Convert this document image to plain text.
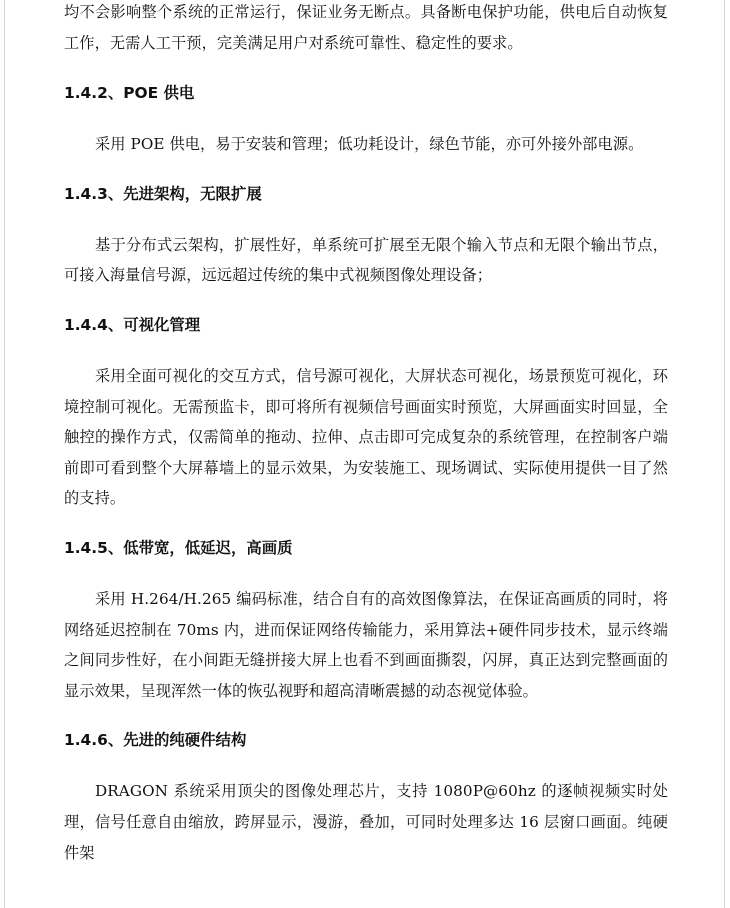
均不会影响整个系统的正常运行，保证业务无断点。具备断电保护功能，供电后自动恢复工作，无需人工干预，完美满足用户对系统可靠性、稳定性的要求。

1.4.2、POE 供电

采用 POE 供电，易于安装和管理；低功耗设计，绿色节能，亦可外接外部电源。

1.4.3、先进架构，无限扩展

基于分布式云架构，扩展性好，单系统可扩展至无限个输入节点和无限个输出节点，可接入海量信号源，远远超过传统的集中式视频图像处理设备；

1.4.4、可视化管理

采用全面可视化的交互方式，信号源可视化，大屏状态可视化，场景预览可视化，环境控制可视化。无需预监卡，即可将所有视频信号画面实时预览，大屏画面实时回显，全触控的操作方式，仅需简单的拖动、拉伸、点击即可完成复杂的系统管理，在控制客户端前即可看到整个大屏幕墙上的显示效果，为安装施工、现场调试、实际使用提供一目了然的支持。

1.4.5、低带宽，低延迟，高画质

采用 H.264/H.265 编码标准，结合自有的高效图像算法，在保证高画质的同时，将网络延迟控制在 70ms 内，进而保证网络传输能力，采用算法+硬件同步技术，显示终端之间同步性好，在小间距无缝拼接大屏上也看不到画面撕裂，闪屏，真正达到完整画面的显示效果，呈现浑然一体的恢弘视野和超高清晰震撼的动态视觉体验。

1.4.6、先进的纯硬件结构

DRAGON 系统采用顶尖的图像处理芯片，支持 1080P@60hz 的逐帧视频实时处理，信号任意自由缩放，跨屏显示，漫游，叠加，可同时处理多达 16 层窗口画面。纯硬件架
